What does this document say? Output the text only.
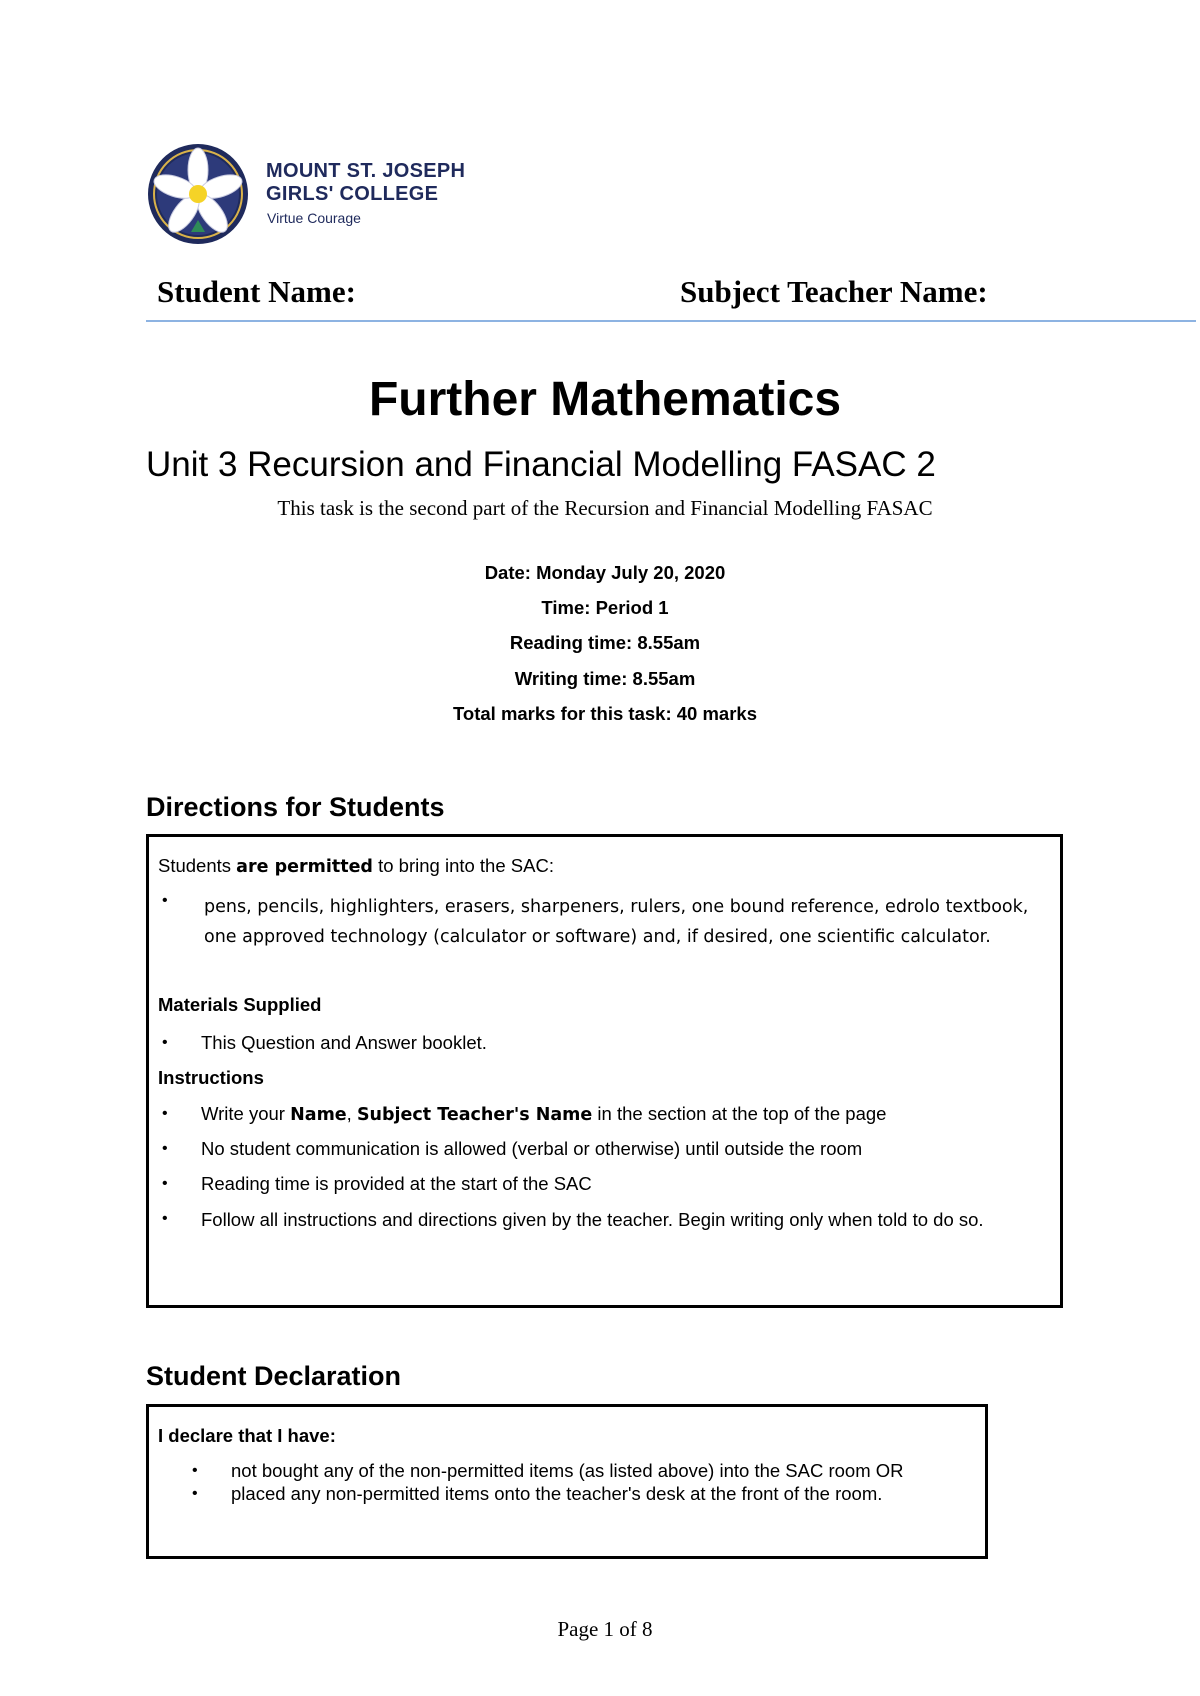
MOUNT ST. JOSEPH
GIRLS' COLLEGE
Virtue Courage
Student Name:	Subject Teacher Name:
Further Mathematics
Unit 3 Recursion and Financial Modelling FASAC 2
This task is the second part of the Recursion and Financial Modelling FASAC
Date: Monday July 20, 2020
Time: Period 1
Reading time: 8.55am
Writing time: 8.55am
Total marks for this task: 40 marks
Directions for Students
Students are permitted to bring into the SAC:
• pens, pencils, highlighters, erasers, sharpeners, rulers, one bound reference, edrolo textbook, one approved technology (calculator or software) and, if desired, one scientific calculator.
Materials Supplied
• This Question and Answer booklet.
Instructions
• Write your Name, Subject Teacher's Name in the section at the top of the page
• No student communication is allowed (verbal or otherwise) until outside the room
• Reading time is provided at the start of the SAC
• Follow all instructions and directions given by the teacher. Begin writing only when told to do so.
Student Declaration
I declare that I have:
• not bought any of the non-permitted items (as listed above) into the SAC room OR
• placed any non-permitted items onto the teacher's desk at the front of the room.
Page 1 of 8
